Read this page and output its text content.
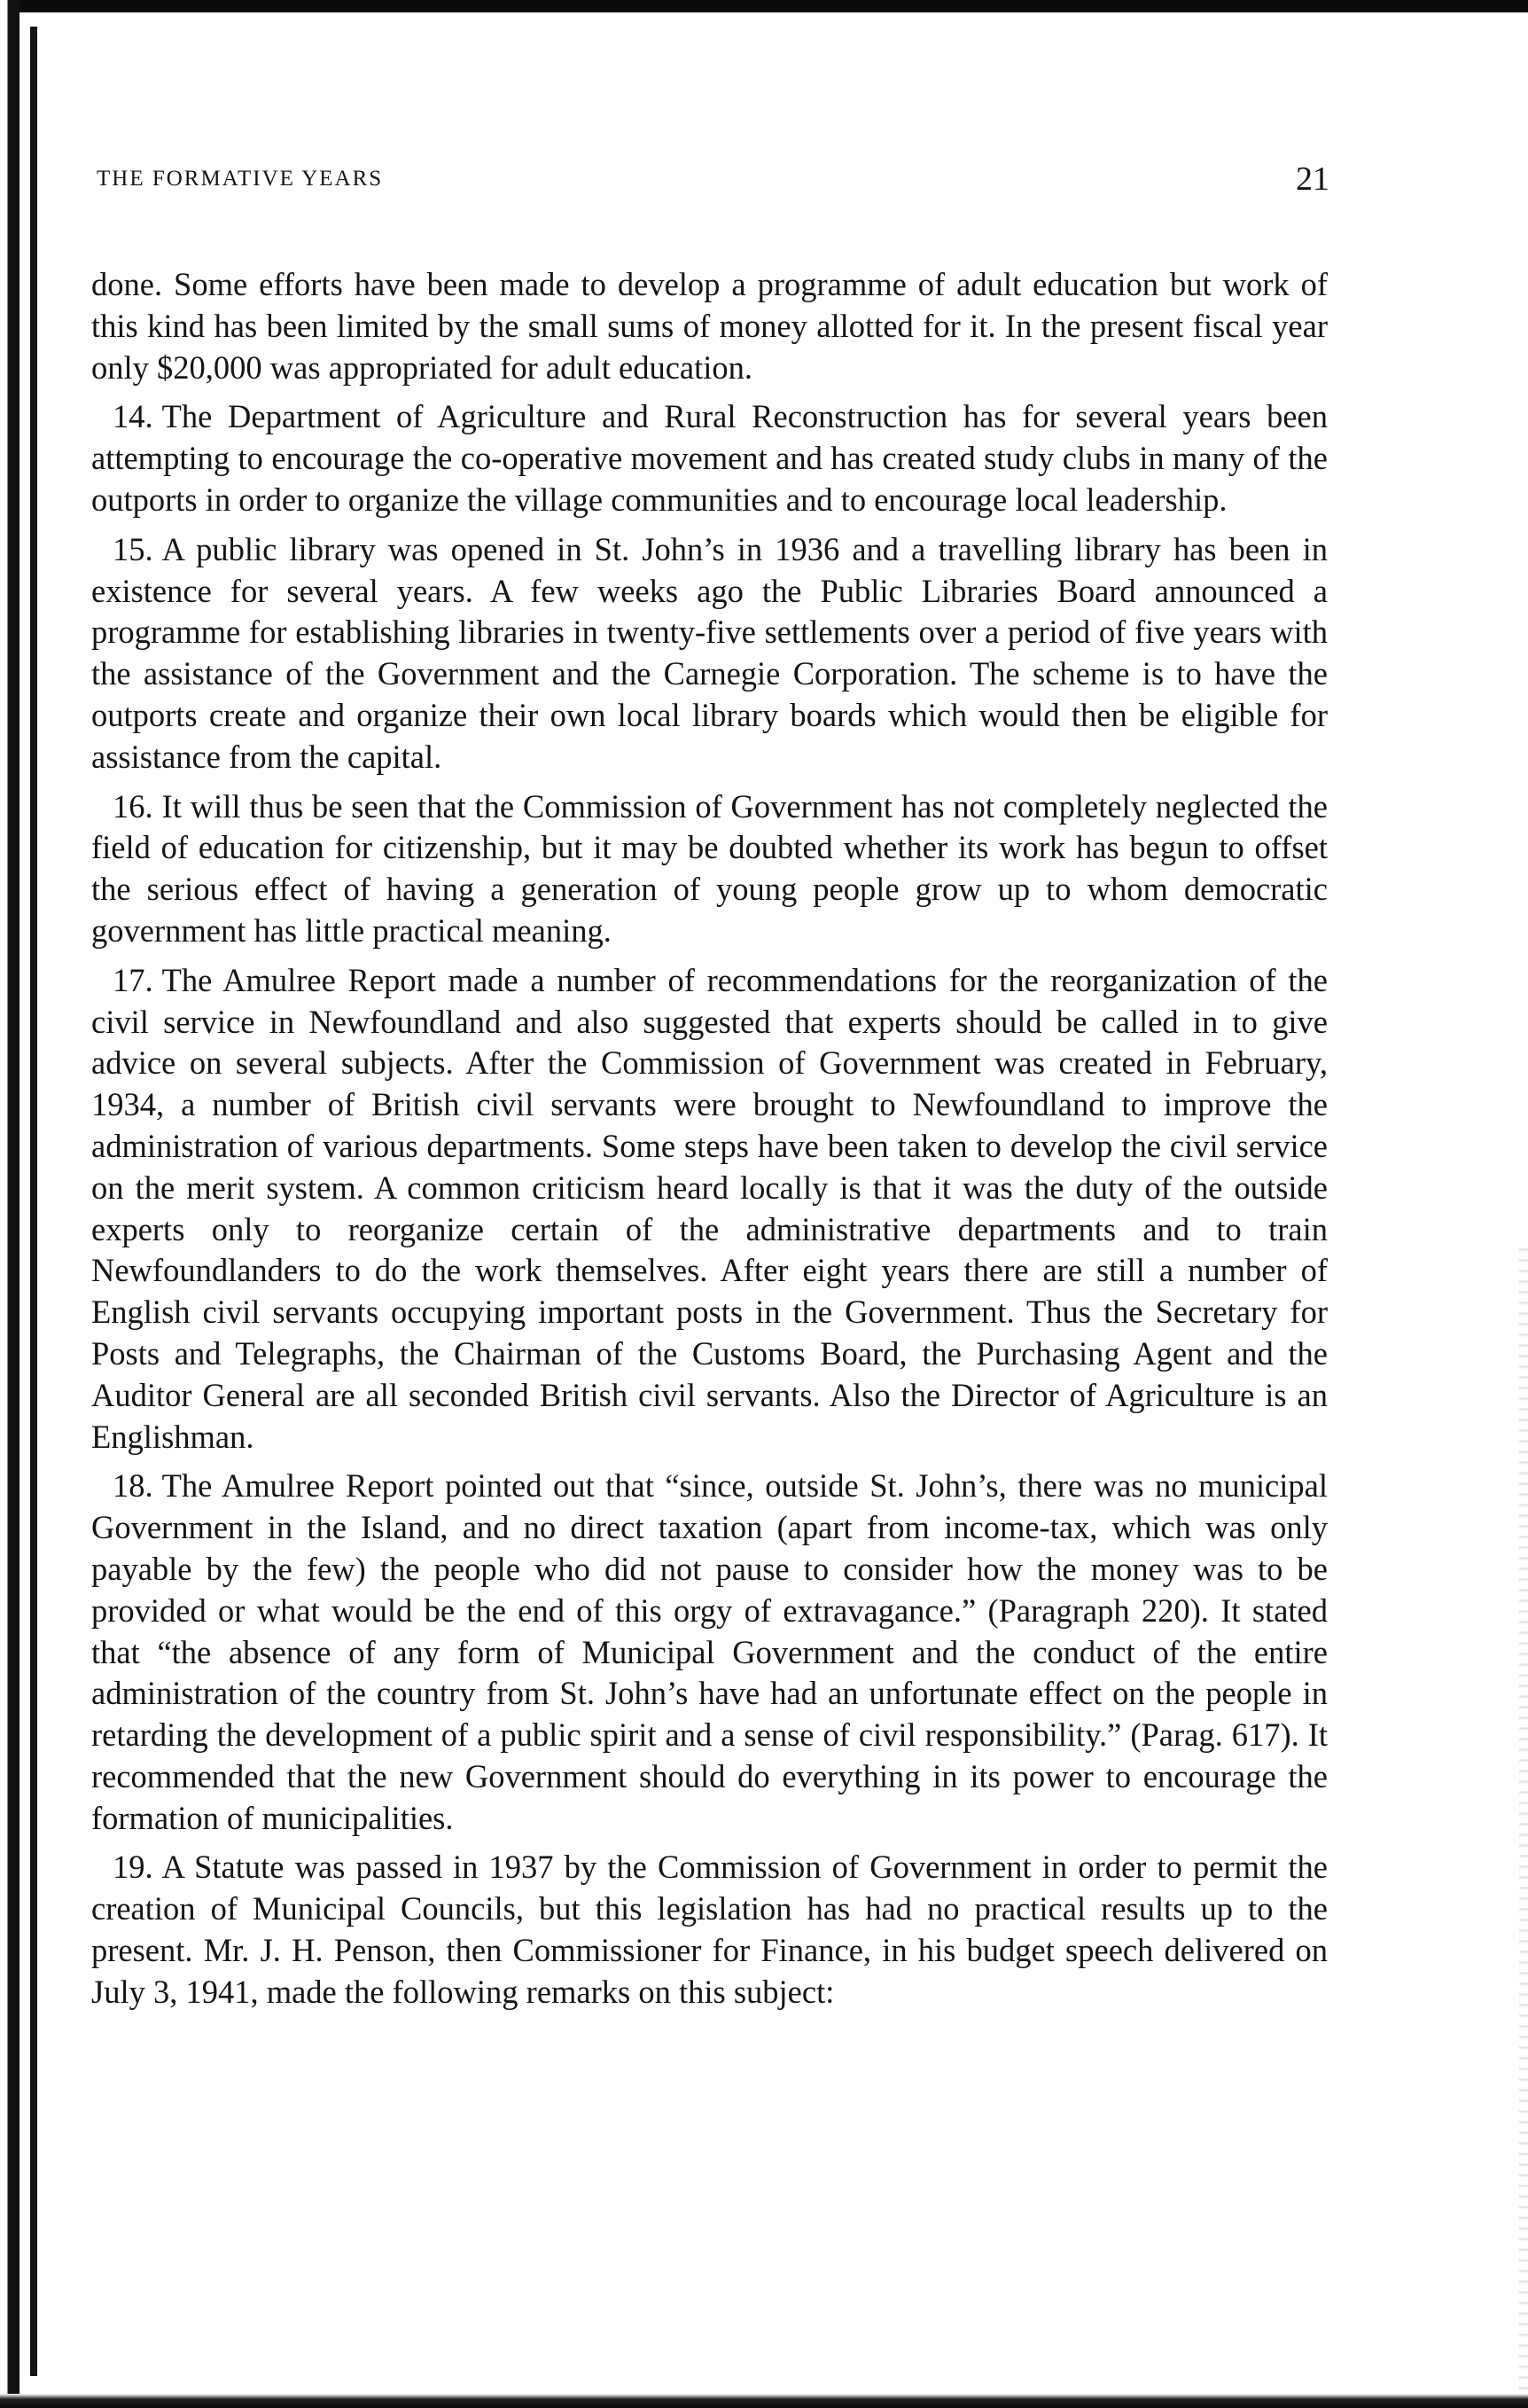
THE FORMATIVE YEARS	21

done. Some efforts have been made to develop a programme of adult education but work of this kind has been limited by the small sums of money allotted for it. In the present fiscal year only $20,000 was appropriated for adult education.

14. The Department of Agriculture and Rural Reconstruction has for several years been attempting to encourage the co-operative movement and has created study clubs in many of the outports in order to organize the village communities and to encourage local leadership.

15. A public library was opened in St. John’s in 1936 and a travelling library has been in existence for several years. A few weeks ago the Public Libraries Board announced a programme for establishing libraries in twenty-five settlements over a period of five years with the assistance of the Government and the Carnegie Corporation. The scheme is to have the outports create and organize their own local library boards which would then be eligible for assistance from the capital.

16. It will thus be seen that the Commission of Government has not completely neglected the field of education for citizenship, but it may be doubted whether its work has begun to offset the serious effect of having a generation of young people grow up to whom democratic government has little practical meaning.

17. The Amulree Report made a number of recommendations for the reorganization of the civil service in Newfoundland and also suggested that experts should be called in to give advice on several subjects. After the Commission of Government was created in February, 1934, a number of British civil servants were brought to Newfoundland to improve the administration of various departments. Some steps have been taken to develop the civil service on the merit system. A common criticism heard locally is that it was the duty of the outside experts only to reorganize certain of the administrative departments and to train Newfoundlanders to do the work themselves. After eight years there are still a number of English civil servants occupying important posts in the Government. Thus the Secretary for Posts and Telegraphs, the Chairman of the Customs Board, the Purchasing Agent and the Auditor General are all seconded British civil servants. Also the Director of Agriculture is an Englishman.

18. The Amulree Report pointed out that “since, outside St. John’s, there was no municipal Government in the Island, and no direct taxation (apart from income-tax, which was only payable by the few) the people who did not pause to consider how the money was to be provided or what would be the end of this orgy of extravagance.” (Paragraph 220). It stated that “the absence of any form of Municipal Government and the conduct of the entire administration of the country from St. John’s have had an unfortunate effect on the people in retarding the development of a public spirit and a sense of civil responsibility.” (Parag. 617). It recommended that the new Government should do everything in its power to encourage the formation of municipalities.

19. A Statute was passed in 1937 by the Commission of Government in order to permit the creation of Municipal Councils, but this legislation has had no practical results up to the present. Mr. J. H. Penson, then Commissioner for Finance, in his budget speech delivered on July 3, 1941, made the following remarks on this subject:
